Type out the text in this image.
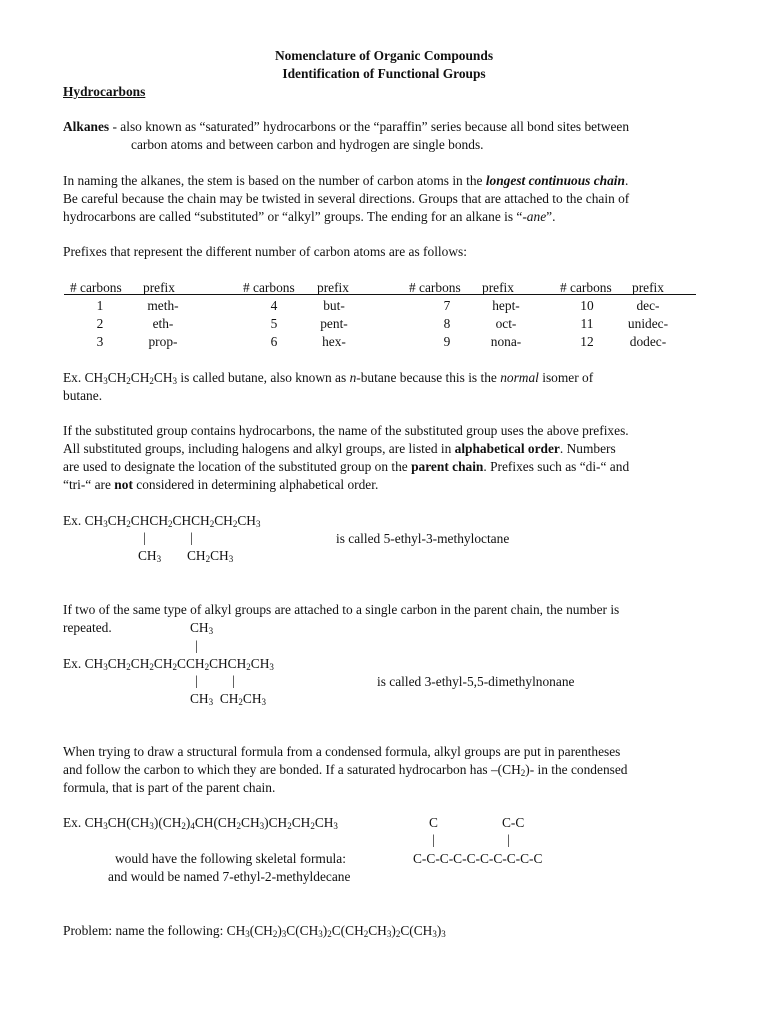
Nomenclature of Organic Compounds
Identification of Functional Groups
Hydrocarbons
Alkanes - also known as “saturated” hydrocarbons or the “paraffin” series because all bond sites between
carbon atoms and between carbon and hydrogen are single bonds.
In naming the alkanes, the stem is based on the number of carbon atoms in the longest continuous chain.
Be careful because the chain may be twisted in several directions. Groups that are attached to the chain of
hydrocarbons are called “substituted” or “alkyl” groups. The ending for an alkane is “-ane”.
Prefixes that represent the different number of carbon atoms are as follows:
# carbons prefix	# carbons prefix	# carbons prefix	# carbons prefix
1	meth-	4	but-	7	hept-	10	dec-
2	eth-	5	pent-	8	oct-	11	unidec-
3	prop-	6	hex-	9	nona-	12	dodec-
Ex. $CH_3CH_2CH_2CH_3$ is called butane, also known as n-butane because this is the normal isomer of
butane.
If the substituted group contains hydrocarbons, the name of the substituted group uses the above prefixes.
All substituted groups, including halogens and alkyl groups, are listed in alphabetical order. Numbers
are used to designate the location of the substituted group on the parent chain. Prefixes such as “di-“ and
“tri-“ are not considered in determining alphabetical order.
Ex. $CH_3CH_2CHCH_2CHCH_2CH_2CH_3$
|	|	is called 5-ethyl-3-methyloctane
$CH_3$ $CH_2CH_3$
If two of the same type of alkyl groups are attached to a single carbon in the parent chain, the number is
repeated.	$CH_3$
|
Ex. $CH_3CH_2CH_2CH_2CCH_2CHCH_2CH_3$
|	|	is called 3-ethyl-5,5-dimethylnonane
$CH_3$ $CH_2CH_3$
When trying to draw a structural formula from a condensed formula, alkyl groups are put in parentheses
and follow the carbon to which they are bonded. If a saturated hydrocarbon has $-(CH_2)-$ in the condensed
formula, that is part of the parent chain.
Ex. $CH_3CH(CH_3)(CH_2)_4CH(CH_2CH_3)CH_2CH_2CH_3$	C	C-C
|	|
would have the following skeletal formula:	C-C-C-C-C-C-C-C-C-C
and would be named 7-ethyl-2-methyldecane
Problem: name the following: $CH_3(CH_2)_3C(CH_3)_2C(CH_2CH_3)_2C(CH_3)_3$
